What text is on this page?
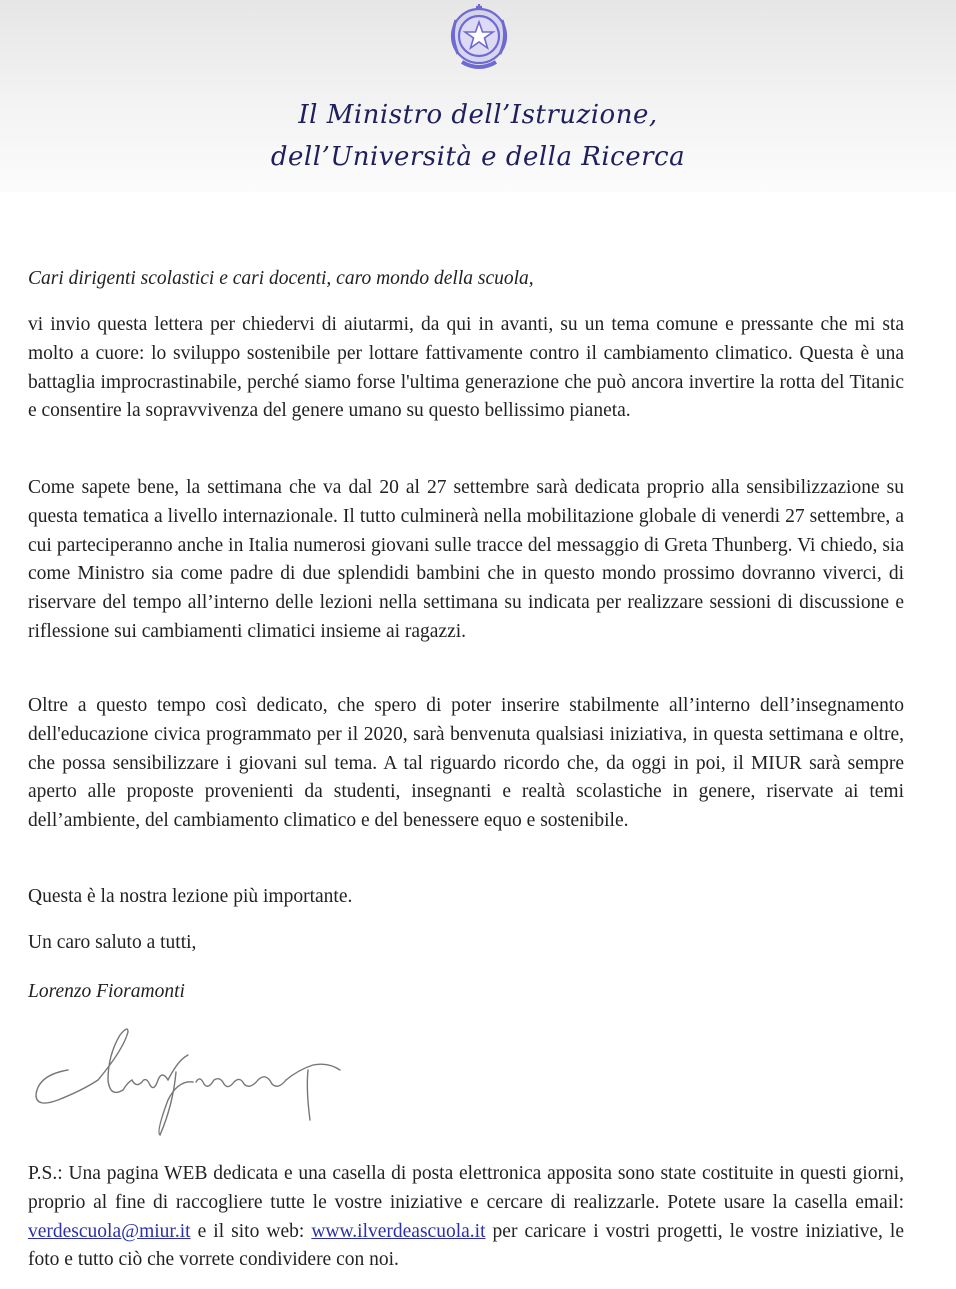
Il Ministro dell’Istruzione,
dell’Università e della Ricerca
Cari dirigenti scolastici e cari docenti, caro mondo della scuola,
vi invio questa lettera per chiedervi di aiutarmi, da qui in avanti, su un tema comune e pressante che mi sta molto a cuore: lo sviluppo sostenibile per lottare fattivamente contro il cambiamento climatico. Questa è una battaglia improcrastinabile, perché siamo forse l'ultima generazione che può ancora invertire la rotta del Titanic e consentire la sopravvivenza del genere umano su questo bellissimo pianeta.
Come sapete bene, la settimana che va dal 20 al 27 settembre sarà dedicata proprio alla sensibilizzazione su questa tematica a livello internazionale. Il tutto culminerà nella mobilitazione globale di venerdi 27 settembre, a cui parteciperanno anche in Italia numerosi giovani sulle tracce del messaggio di Greta Thunberg. Vi chiedo, sia come Ministro sia come padre di due splendidi bambini che in questo mondo prossimo dovranno viverci, di riservare del tempo all’interno delle lezioni nella settimana su indicata per realizzare sessioni di discussione e riflessione sui cambiamenti climatici insieme ai ragazzi.
Oltre a questo tempo così dedicato, che spero di poter inserire stabilmente all’interno dell’insegnamento dell'educazione civica programmato per il 2020, sarà benvenuta qualsiasi iniziativa, in questa settimana e oltre, che possa sensibilizzare i giovani sul tema. A tal riguardo ricordo che, da oggi in poi, il MIUR sarà sempre aperto alle proposte provenienti da studenti, insegnanti e realtà scolastiche in genere, riservate ai temi dell’ambiente, del cambiamento climatico e del benessere equo e sostenibile.
Questa è la nostra lezione più importante.
Un caro saluto a tutti,
Lorenzo Fioramonti
P.S.: Una pagina WEB dedicata e una casella di posta elettronica apposita sono state costituite in questi giorni, proprio al fine di raccogliere tutte le vostre iniziative e cercare di realizzarle. Potete usare la casella email: verdescuola@miur.it e il sito web: www.ilverdeascuola.it per caricare i vostri progetti, le vostre iniziative, le foto e tutto ciò che vorrete condividere con noi.
